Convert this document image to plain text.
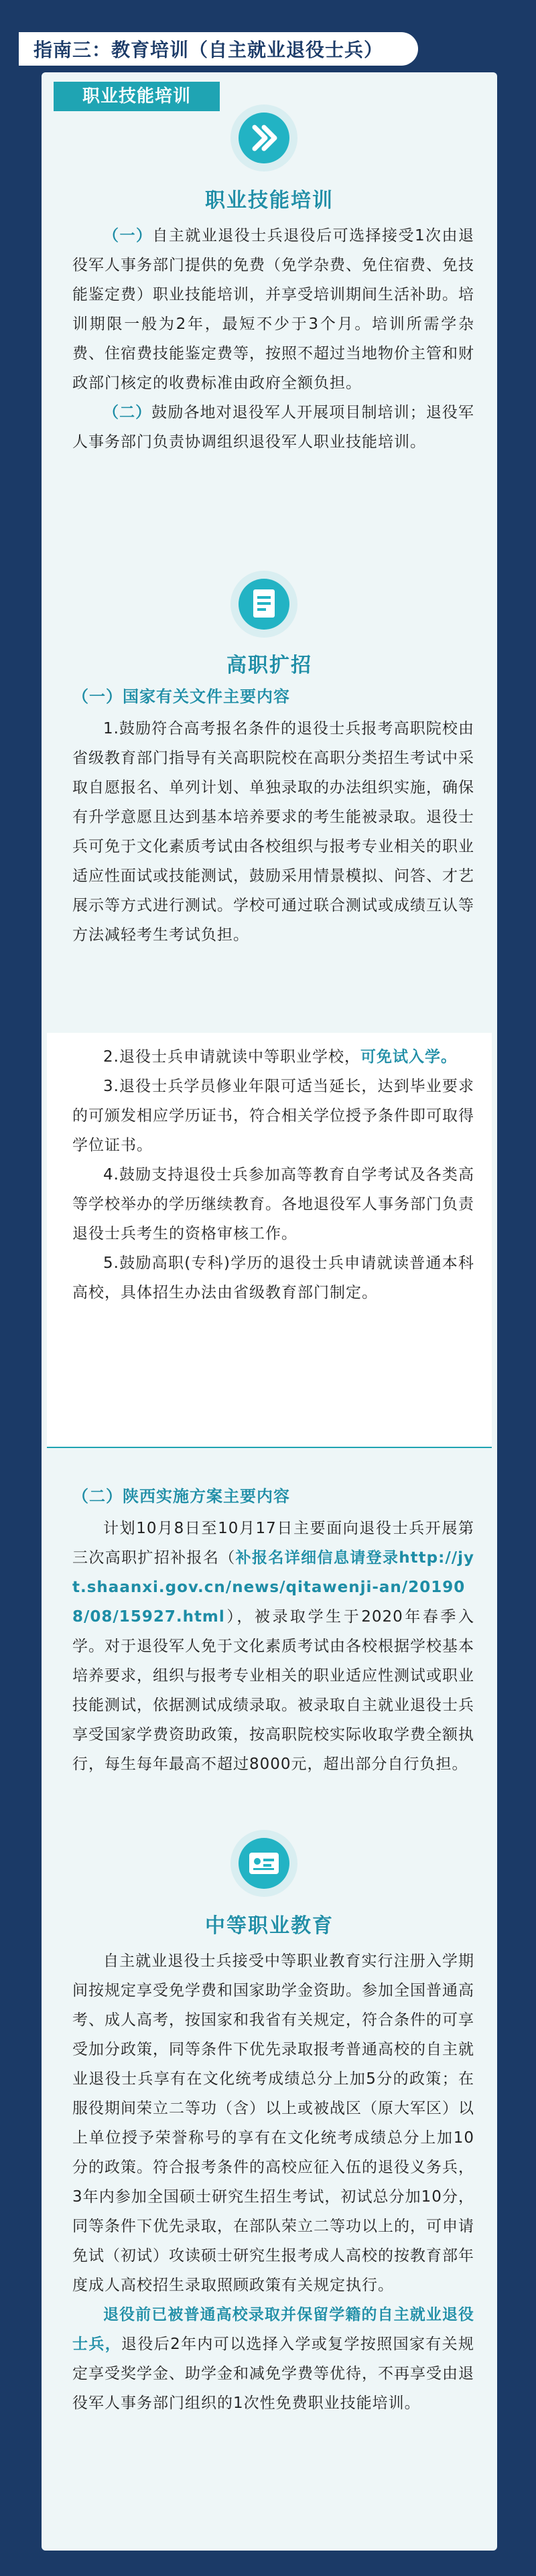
指南三：教育培训（自主就业退役士兵）
职业技能培训
职业技能培训

（一）自主就业退役士兵退役后可选择接受1次由退役军人事务部门提供的免费（免学杂费、免住宿费、免技能鉴定费）职业技能培训，并享受培训期间生活补助。培训期限一般为2年，最短不少于3个月。培训所需学杂费、住宿费技能鉴定费等，按照不超过当地物价主管和财政部门核定的收费标准由政府全额负担。

（二）鼓励各地对退役军人开展项目制培训；退役军人事务部门负责协调组织退役军人职业技能培训。

高职扩招
（一）国家有关文件主要内容

1.鼓励符合高考报名条件的退役士兵报考高职院校由省级教育部门指导有关高职院校在高职分类招生考试中采取自愿报名、单列计划、单独录取的办法组织实施，确保有升学意愿且达到基本培养要求的考生能被录取。退役士兵可免于文化素质考试由各校组织与报考专业相关的职业适应性面试或技能测试，鼓励采用情景模拟、问答、才艺展示等方式进行测试。学校可通过联合测试或成绩互认等方法减轻考生考试负担。

2.退役士兵申请就读中等职业学校，可免试入学。

3.退役士兵学员修业年限可适当延长，达到毕业要求的可颁发相应学历证书，符合相关学位授予条件即可取得学位证书。

4.鼓励支持退役士兵参加高等教育自学考试及各类高等学校举办的学历继续教育。各地退役军人事务部门负责退役士兵考生的资格审核工作。

5.鼓励高职(专科)学历的退役士兵申请就读普通本科高校，具体招生办法由省级教育部门制定。

（二）陕西实施方案主要内容

计划10月8日至10月17日主要面向退役士兵开展第三次高职扩招补报名（补报名详细信息请登录http://jyt.shaanxi.gov.cn/news/qitawenji-an/201908/08/15927.html），被录取学生于2020年春季入学。对于退役军人免于文化素质考试由各校根据学校基本培养要求，组织与报考专业相关的职业适应性测试或职业技能测试，依据测试成绩录取。被录取自主就业退役士兵享受国家学费资助政策，按高职院校实际收取学费全额执行，每生每年最高不超过8000元，超出部分自行负担。

中等职业教育

自主就业退役士兵接受中等职业教育实行注册入学期间按规定享受免学费和国家助学金资助。参加全国普通高考、成人高考，按国家和我省有关规定，符合条件的可享受加分政策，同等条件下优先录取报考普通高校的自主就业退役士兵享有在文化统考成绩总分上加5分的政策；在服役期间荣立二等功（含）以上或被战区（原大军区）以上单位授予荣誉称号的享有在文化统考成绩总分上加10分的政策。符合报考条件的高校应征入伍的退役义务兵，3年内参加全国硕士研究生招生考试，初试总分加10分，同等条件下优先录取，在部队荣立二等功以上的，可申请免试（初试）攻读硕士研究生报考成人高校的按教育部年度成人高校招生录取照顾政策有关规定执行。

退役前已被普通高校录取并保留学籍的自主就业退役士兵，退役后2年内可以选择入学或复学按照国家有关规定享受奖学金、助学金和减免学费等优待，不再享受由退役军人事务部门组织的1次性免费职业技能培训。
